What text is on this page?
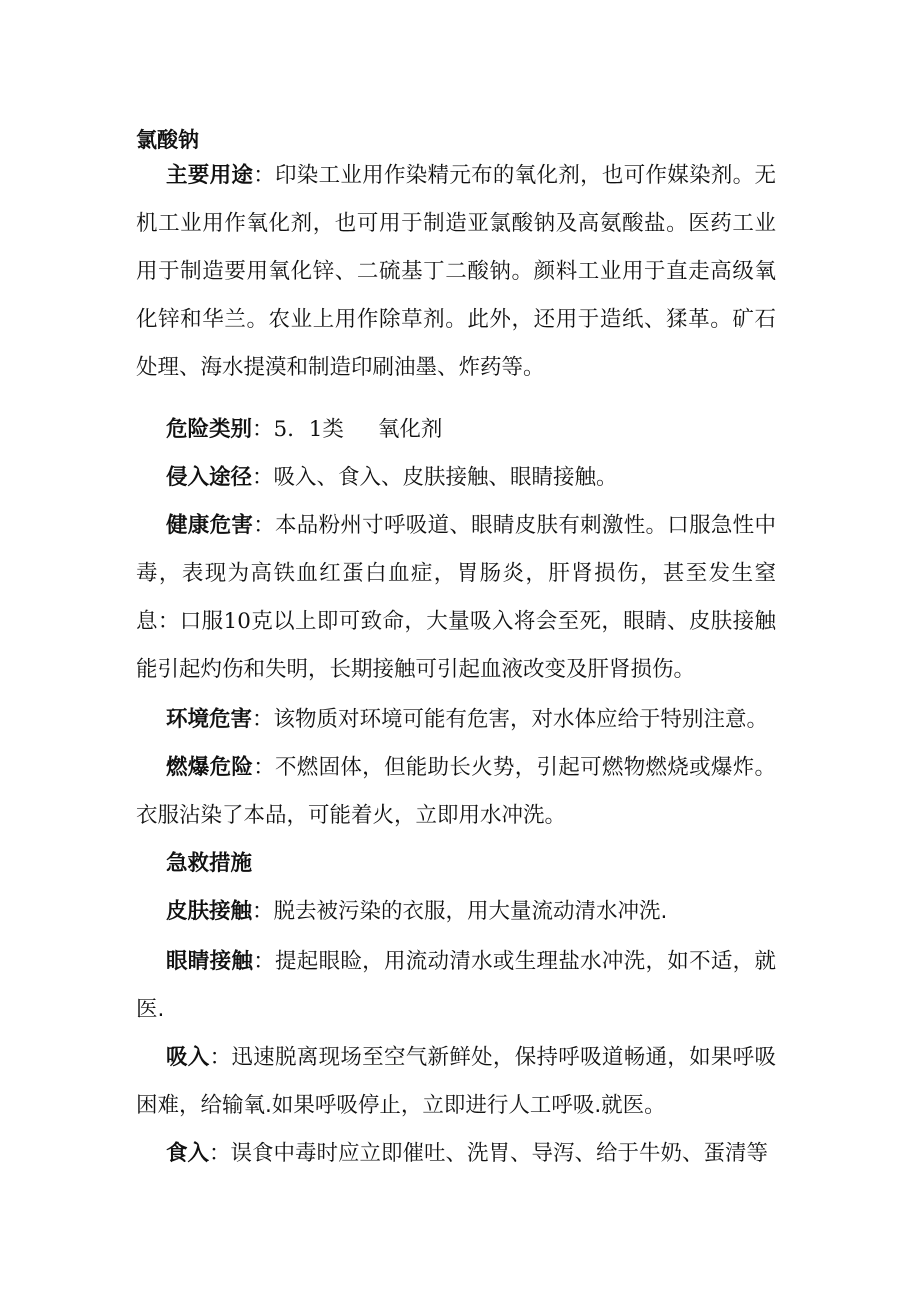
氯酸钠

主要用途：印染工业用作染精元布的氧化剂，也可作媒染剂。无机工业用作氧化剂，也可用于制造亚氯酸钠及高氨酸盐。医药工业用于制造要用氧化锌、二硫基丁二酸钠。颜料工业用于直走高级氧化锌和华兰。农业上用作除草剂。此外，还用于造纸、猱革。矿石处理、海水提漠和制造印刷油墨、炸药等。

危险类别：5．1类 氧化剂

侵入途径：吸入、食入、皮肤接触、眼睛接触。

健康危害：本品粉州寸呼吸道、眼睛皮肤有刺激性。口服急性中毒，表现为高铁血红蛋白血症，胃肠炎，肝肾损伤，甚至发生窒息：口服10克以上即可致命，大量吸入将会至死，眼睛、皮肤接触能引起灼伤和失明，长期接触可引起血液改变及肝肾损伤。

环境危害：该物质对环境可能有危害，对水体应给于特别注意。

燃爆危险：不燃固体，但能助长火势，引起可燃物燃烧或爆炸。衣服沾染了本品，可能着火，立即用水冲洗。

急救措施

皮肤接触：脱去被污染的衣服，用大量流动清水冲洗.

眼睛接触：提起眼睑，用流动清水或生理盐水冲洗，如不适，就医.

吸入：迅速脱离现场至空气新鲜处，保持呼吸道畅通，如果呼吸困难，给输氧.如果呼吸停止，立即进行人工呼吸.就医。

食入：误食中毒时应立即催吐、洗胃、导泻、给于牛奶、蛋清等
